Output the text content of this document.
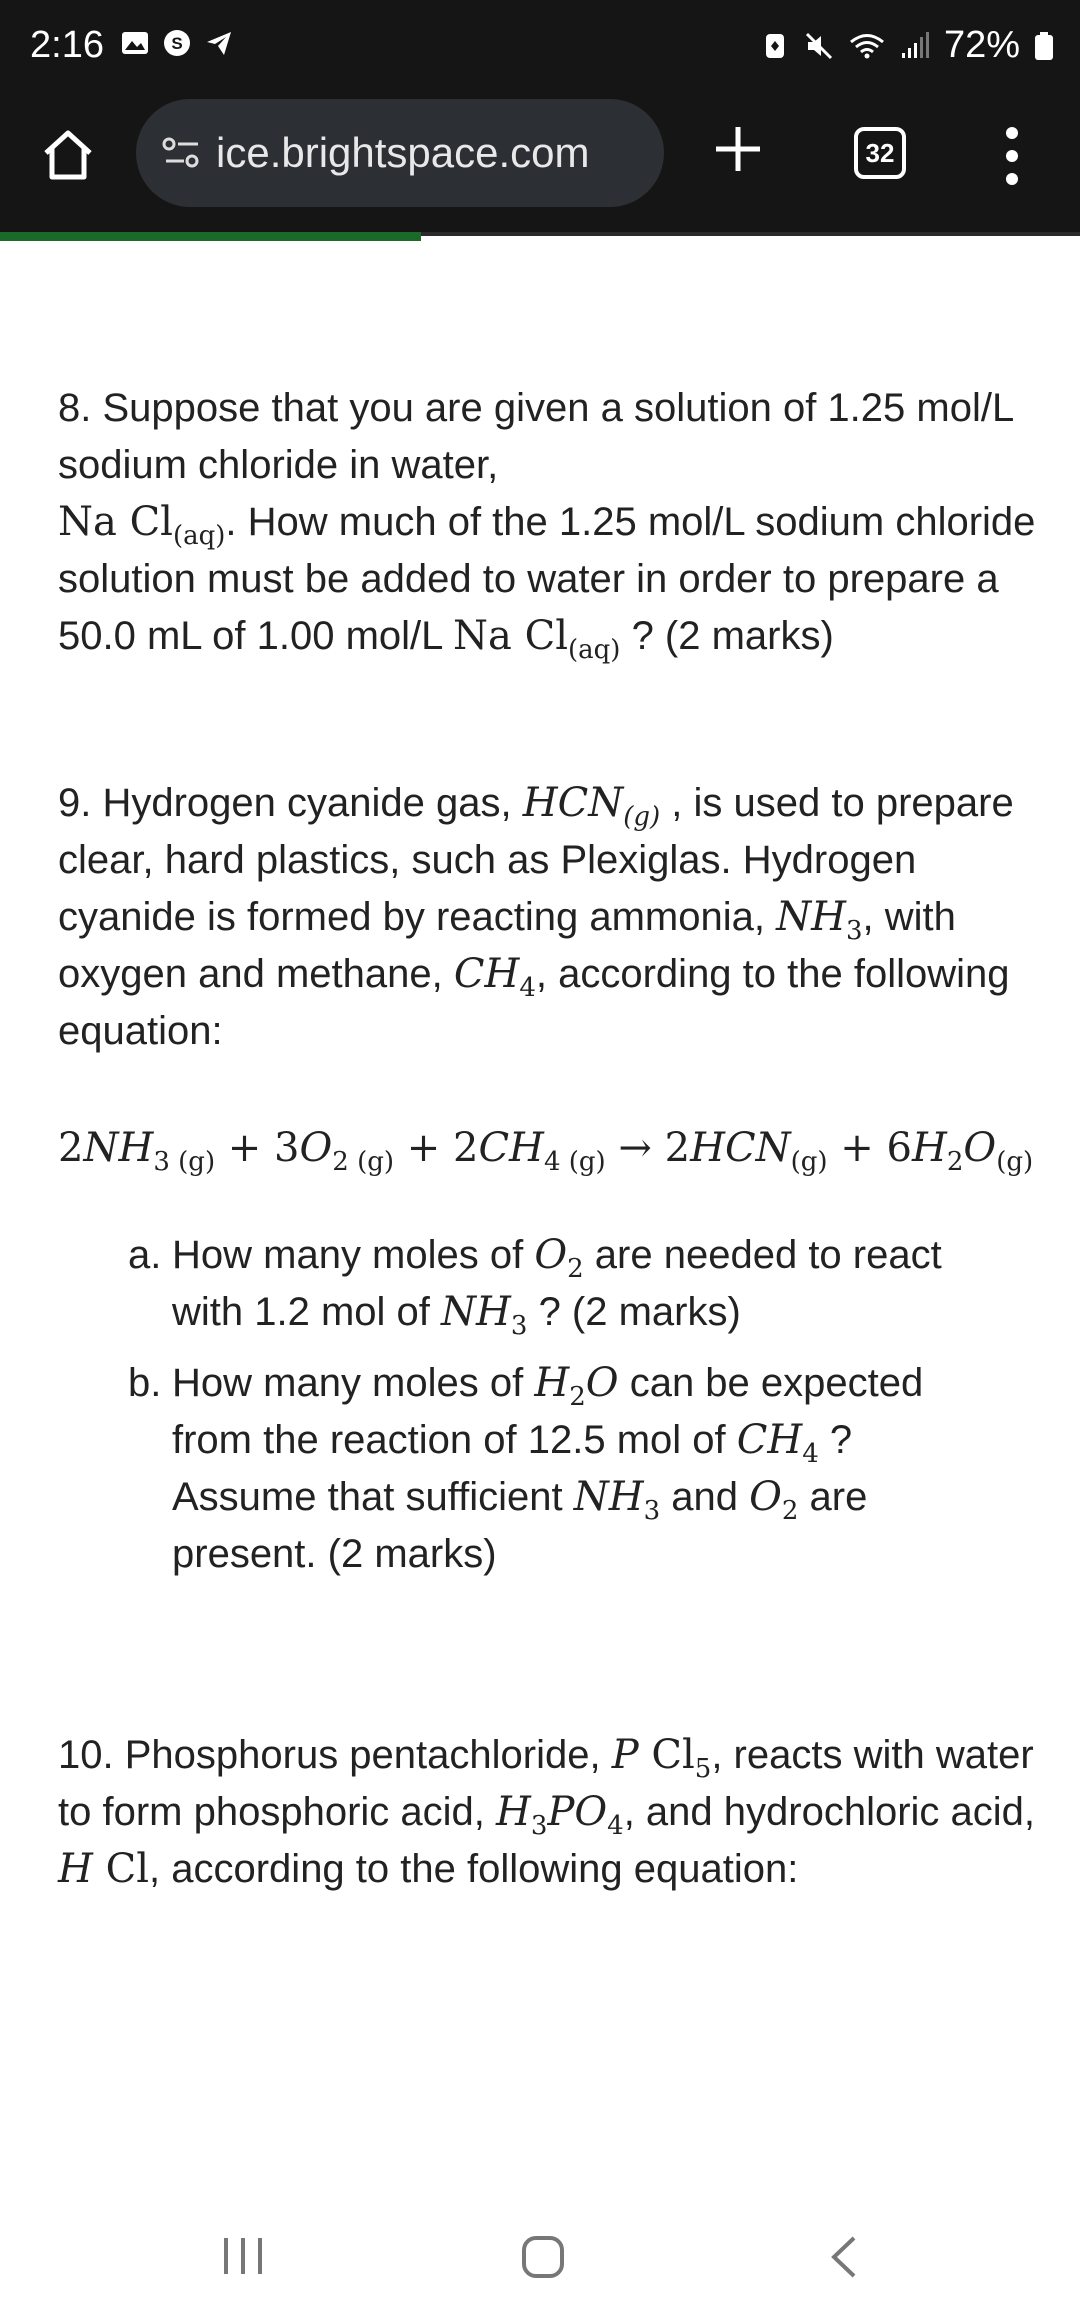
2:16	S	72%
ice.brightspace.com	32

8. Suppose that you are given a solution of 1.25 mol/L sodium chloride in water,
Na $Cl_{(aq)}$. How much of the 1.25 mol/L sodium chloride solution must be added to water in order to prepare a 50.0 mL of 1.00 mol/L Na $Cl_{(aq)}$ ? (2 marks)

9. Hydrogen cyanide gas, $HCN_{(g)}$ , is used to prepare clear, hard plastics, such as Plexiglas. Hydrogen cyanide is formed by reacting ammonia, $NH_3$, with oxygen and methane, $CH_4$, according to the following equation:

$2NH_{3 (g)} + 3O_{2 (g)} + 2CH_{4 (g)} \to 2HCN_{(g)} + 6H_2O_{(g)}$
a. How many moles of $O_2$ are needed to react with 1.2 mol of $NH_3$ ? (2 marks)
b. How many moles of $H_2O$ can be expected from the reaction of 12.5 mol of $CH_4$ ? Assume that sufficient $NH_3$ and $O_2$ are present. (2 marks)

10. Phosphorus pentachloride, P $Cl_5$, reacts with water to form phosphoric acid, $H_3PO_4$, and hydrochloric acid, H Cl, according to the following equation:
